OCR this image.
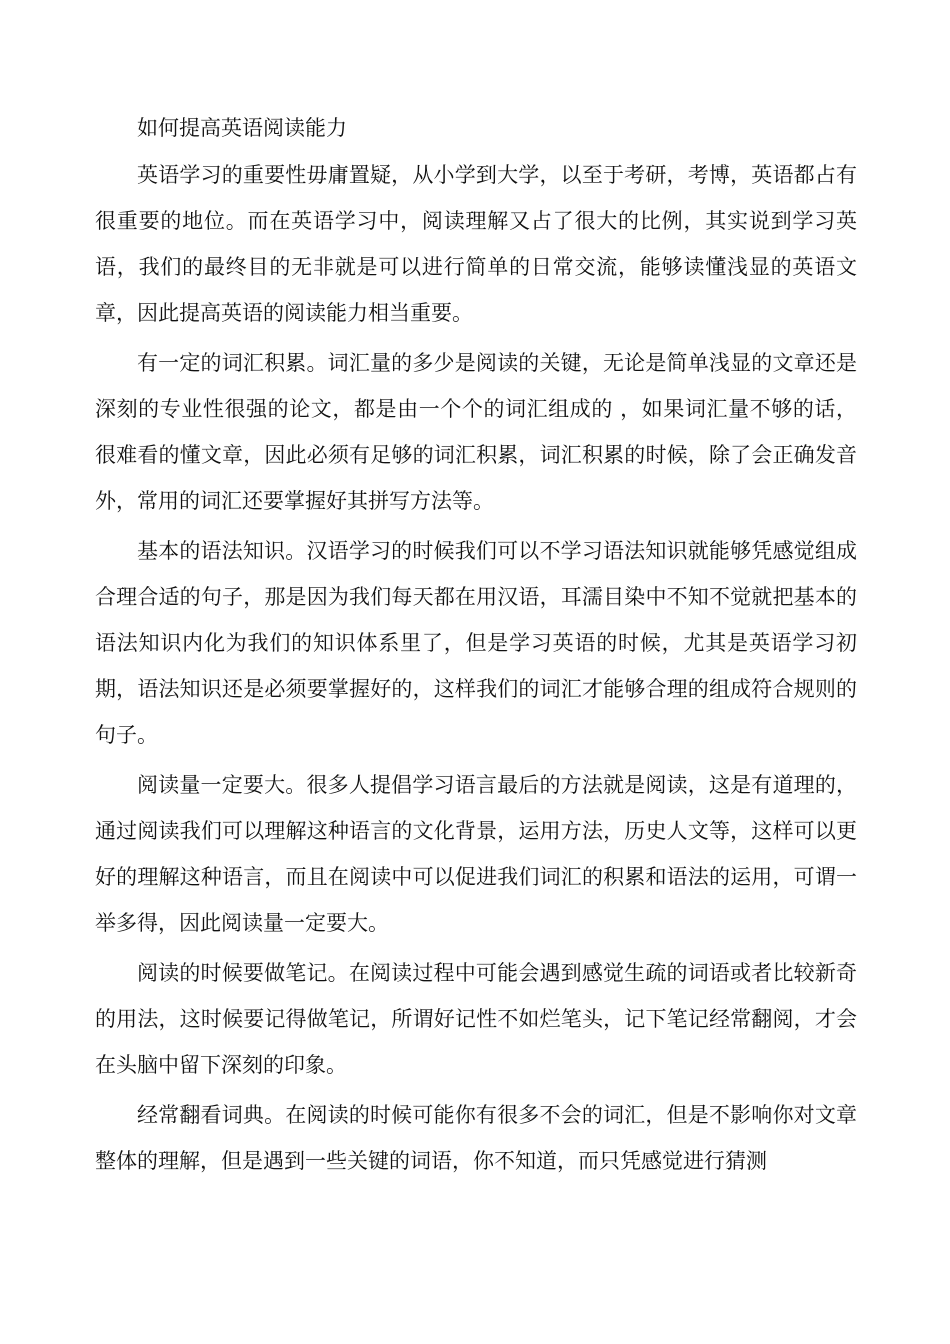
如何提高英语阅读能力

英语学习的重要性毋庸置疑，从小学到大学，以至于考研，考博，英语都占有很重要的地位。而在英语学习中，阅读理解又占了很大的比例，其实说到学习英语，我们的最终目的无非就是可以进行简单的日常交流，能够读懂浅显的英语文章，因此提高英语的阅读能力相当重要。

有一定的词汇积累。词汇量的多少是阅读的关键，无论是简单浅显的文章还是深刻的专业性很强的论文，都是由一个个的词汇组成的 ，如果词汇量不够的话，很难看的懂文章，因此必须有足够的词汇积累，词汇积累的时候，除了会正确发音外，常用的词汇还要掌握好其拼写方法等。

基本的语法知识。汉语学习的时候我们可以不学习语法知识就能够凭感觉组成合理合适的句子，那是因为我们每天都在用汉语，耳濡目染中不知不觉就把基本的语法知识内化为我们的知识体系里了，但是学习英语的时候，尤其是英语学习初期，语法知识还是必须要掌握好的，这样我们的词汇才能够合理的组成符合规则的句子。

阅读量一定要大。很多人提倡学习语言最后的方法就是阅读，这是有道理的，通过阅读我们可以理解这种语言的文化背景，运用方法，历史人文等，这样可以更好的理解这种语言，而且在阅读中可以促进我们词汇的积累和语法的运用，可谓一举多得，因此阅读量一定要大。

阅读的时候要做笔记。在阅读过程中可能会遇到感觉生疏的词语或者比较新奇的用法，这时候要记得做笔记，所谓好记性不如烂笔头，记下笔记经常翻阅，才会在头脑中留下深刻的印象。

经常翻看词典。在阅读的时候可能你有很多不会的词汇，但是不影响你对文章整体的理解，但是遇到一些关键的词语，你不知道，而只凭感觉进行猜测
